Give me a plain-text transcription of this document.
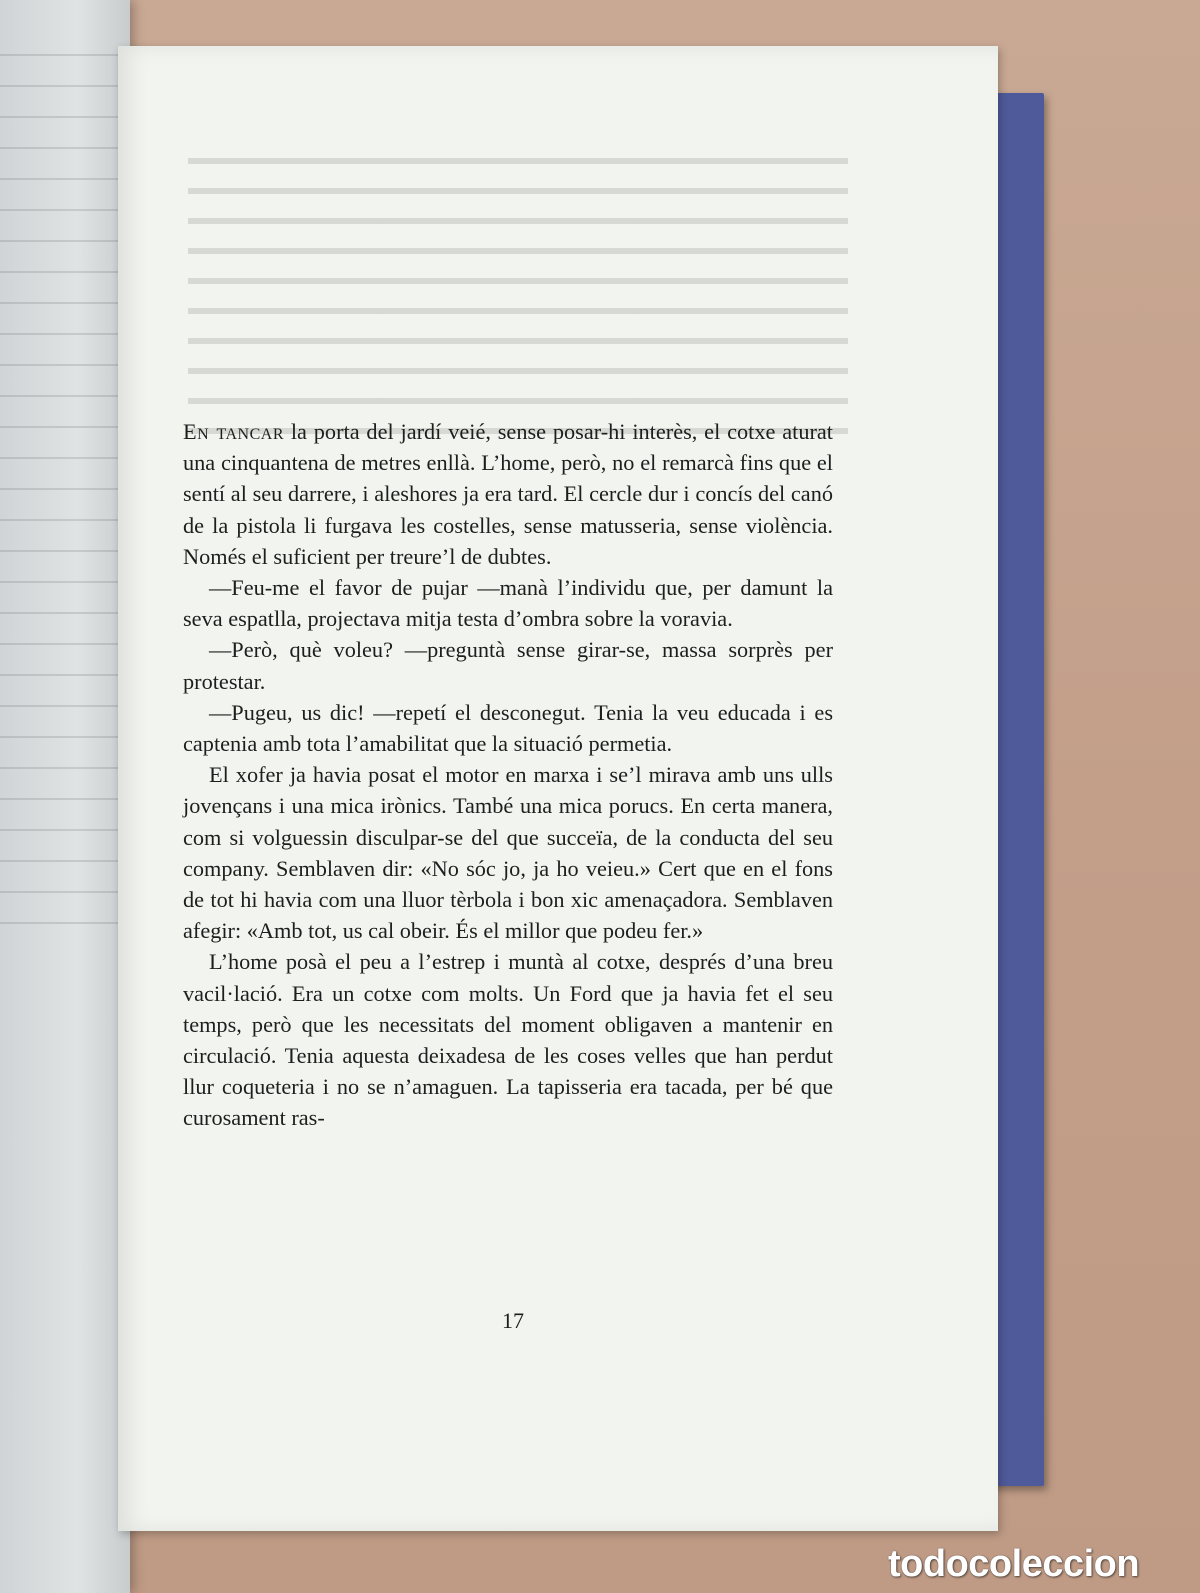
En tancar la porta del jardí veié, sense posar-hi interès, el cotxe aturat una cinquantena de metres enllà. L’home, però, no el remarcà fins que el sentí al seu darrere, i aleshores ja era tard. El cercle dur i concís del canó de la pistola li furgava les costelles, sense matusseria, sense violència. Només el suficient per treure’l de dubtes.

—Feu-me el favor de pujar —manà l’individu que, per damunt la seva espatlla, projectava mitja testa d’ombra sobre la voravia.

—Però, què voleu? —preguntà sense girar-se, massa sorprès per protestar.

—Pugeu, us dic! —repetí el desconegut. Tenia la veu educada i es captenia amb tota l’amabilitat que la situació permetia.

El xofer ja havia posat el motor en marxa i se’l mirava amb uns ulls jovençans i una mica irònics. També una mica porucs. En certa manera, com si volguessin disculpar-se del que succeïa, de la conducta del seu company. Semblaven dir: «No sóc jo, ja ho veieu.» Cert que en el fons de tot hi havia com una lluor tèrbola i bon xic amenaçadora. Semblaven afegir: «Amb tot, us cal obeir. És el millor que podeu fer.»

L’home posà el peu a l’estrep i muntà al cotxe, després d’una breu vacil·lació. Era un cotxe com molts. Un Ford que ja havia fet el seu temps, però que les necessitats del moment obligaven a mantenir en circulació. Tenia aquesta deixadesa de les coses velles que han perdut llur coqueteria i no se n’amaguen. La tapisseria era tacada, per bé que curosament ras-

17
todocoleccion
